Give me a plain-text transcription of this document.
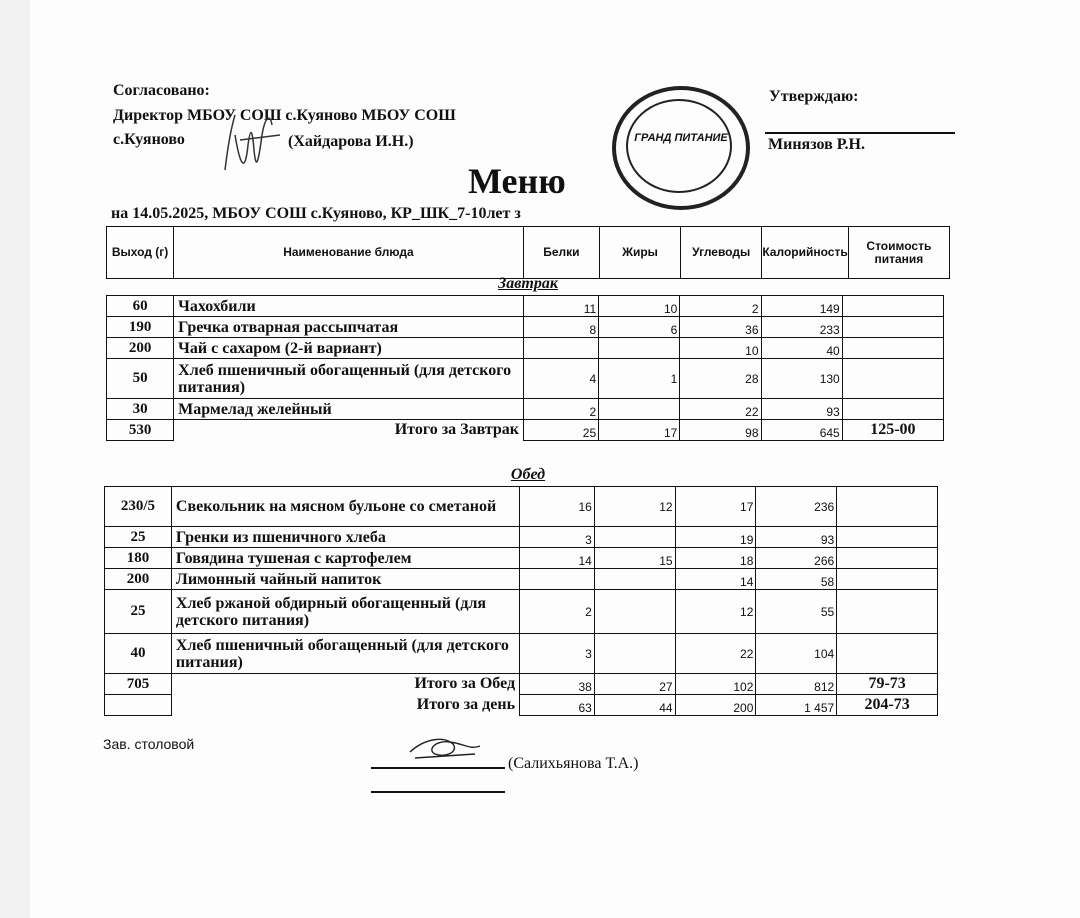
Согласовано:
Директор МБОУ СОШ с.Куяново МБОУ СОШ
с.Куяново	(Хайдарова И.Н.)	ГРАНД ПИТАНИЕ
Утверждаю:
Минязов Р.Н.
Меню
на 14.05.2025, МБОУ СОШ с.Куяново, КР_ШК_7-10лет з
Выход (г)	Наименование блюда	Белки	Жиры	Углеводы	Калорийность	Стоимость питания
Завтрак
60	Чахохбили	11	10	2	149	
190	Гречка отварная рассыпчатая	8	6	36	233	
200	Чай с сахаром (2-й вариант)			10	40	
50	Хлеб пшеничный обогащенный (для детского питания)	4	1	28	130	
30	Мармелад желейный	2		22	93	
530	Итого за Завтрак	25	17	98	645	125-00
Обед
230/5	Свекольник на мясном бульоне со сметаной	16	12	17	236	
25	Гренки из пшеничного хлеба	3		19	93	
180	Говядина тушеная с картофелем	14	15	18	266	
200	Лимонный чайный напиток			14	58	
25	Хлеб ржаной обдирный обогащенный (для детского питания)	2		12	55	
40	Хлеб пшеничный обогащенный (для детского питания)	3		22	104	
705	Итого за Обед	38	27	102	812	79-73
	Итого за день	63	44	200	1 457	204-73
Зав. столовой
(Салихьянова Т.А.)
